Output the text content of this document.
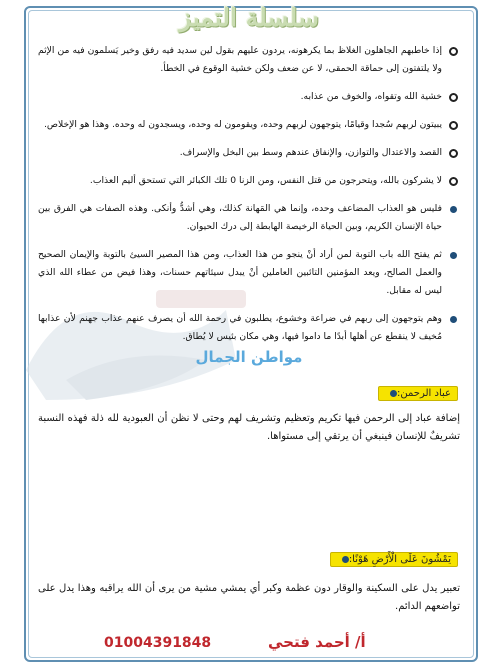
سلسلة التميز
إذا خاطبهم الجاهلون الغلاظ بما يكرهونه، يردون عليهم بقول لين سديد فيه رفق وخير يَسلمون فيه من الإثم ولا يلتفتون إلى حماقة الحمقى، لا عن ضعف ولكن خشية الوقوع في الخطأ.
خشية الله وتقواه، والخوف من عذابه.
يبيتون لربهم سُجدا وقيامًا، يتوجهون لربهم وحده، ويقومون له وحده، ويسجدون له وحده. وهذا هو الإخلاص.
القصد والاعتدال والتوازن، والإنفاق عندهم وسط بين البخل والإسراف.
لا يشركون بالله، ويتحرجون من قتل النفس، ومن الزنا 0 تلك الكبائر التي تستحق أليم العذاب.
فليس هو العذاب المضاعف وحده، وإنما هي المَهانة كذلك، وهي أشدُّ وأنكى. وهذه الصفات هي الفرق بين حياة الإنسان الكريم، وبين الحياة الرخيصة الهابطة إلى درك الحيوان.
ثم يفتح الله باب التوبة لمن أراد أنْ ينجو من هذا العذاب، ومن هذا المصير السيئ بالتوبة والإيمان الصحيح والعمل الصالح، ويعد المؤمنين التائبين العاملين أنْ يبدل سيئاتهم حسنات، وهذا فيض من عطاء الله الذي ليس له مقابل.
وهم يتوجهون إلى ربهم في ضراعة وخشوع، يطلبون في رحمة الله أن يصرف عنهم عذاب جهنم لأن عذابها مُخيف لا ينقطع عن أهلها أبدًا ما داموا فيها، وهي مكان بئيس لا يُطاق.
مواطن الجمال
عباد الرحمن:
إضافة عباد إلى الرحمن فيها تكريم وتعظيم وتشريف لهم وحتى لا نظن أن العبودية لله ذلة فهذه النسبة تشريفٌ للإنسان فينبغي أن يرتقي إلى مستواها.
يَمْشُونَ عَلَى الْأَرْضِ هَوْنًا:
تعبير يدل على السكينة والوقار دون عظمة وكبر أي يمشي مشية من يرى أن الله يراقبه وهذا يدل على تواضعهم الدائم.
01004391848	أ/ أحمد فتحي
